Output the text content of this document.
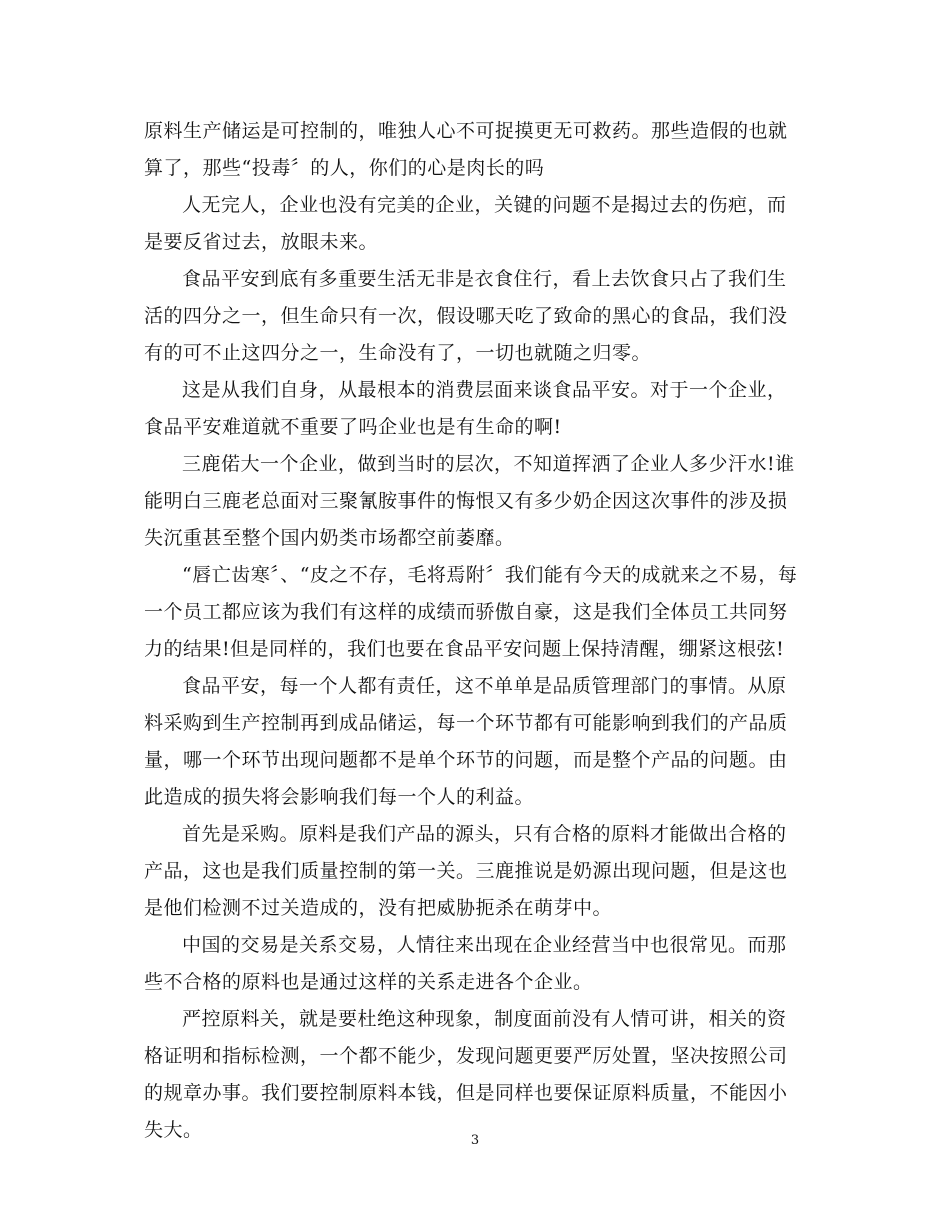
原料生产储运是可控制的，唯独人心不可捉摸更无可救药。那些造假的也就算了，那些“投毒〞的人，你们的心是肉长的吗

人无完人，企业也没有完美的企业，关键的问题不是揭过去的伤疤，而是要反省过去，放眼未来。

食品平安到底有多重要生活无非是衣食住行，看上去饮食只占了我们生活的四分之一，但生命只有一次，假设哪天吃了致命的黑心的食品，我们没有的可不止这四分之一，生命没有了，一切也就随之归零。

这是从我们自身，从最根本的消费层面来谈食品平安。对于一个企业，食品平安难道就不重要了吗企业也是有生命的啊!

三鹿偌大一个企业，做到当时的层次，不知道挥洒了企业人多少汗水!谁能明白三鹿老总面对三聚氰胺事件的悔恨又有多少奶企因这次事件的涉及损失沉重甚至整个国内奶类市场都空前萎靡。

“唇亡齿寒〞、“皮之不存，毛将焉附〞我们能有今天的成就来之不易，每一个员工都应该为我们有这样的成绩而骄傲自豪，这是我们全体员工共同努力的结果!但是同样的，我们也要在食品平安问题上保持清醒，绷紧这根弦!

食品平安，每一个人都有责任，这不单单是品质管理部门的事情。从原料采购到生产控制再到成品储运，每一个环节都有可能影响到我们的产品质量，哪一个环节出现问题都不是单个环节的问题，而是整个产品的问题。由此造成的损失将会影响我们每一个人的利益。

首先是采购。原料是我们产品的源头，只有合格的原料才能做出合格的产品，这也是我们质量控制的第一关。三鹿推说是奶源出现问题，但是这也是他们检测不过关造成的，没有把威胁扼杀在萌芽中。

中国的交易是关系交易，人情往来出现在企业经营当中也很常见。而那些不合格的原料也是通过这样的关系走进各个企业。

严控原料关，就是要杜绝这种现象，制度面前没有人情可讲，相关的资格证明和指标检测，一个都不能少，发现问题更要严厉处置，坚决按照公司的规章办事。我们要控制原料本钱，但是同样也要保证原料质量，不能因小失大。	3
